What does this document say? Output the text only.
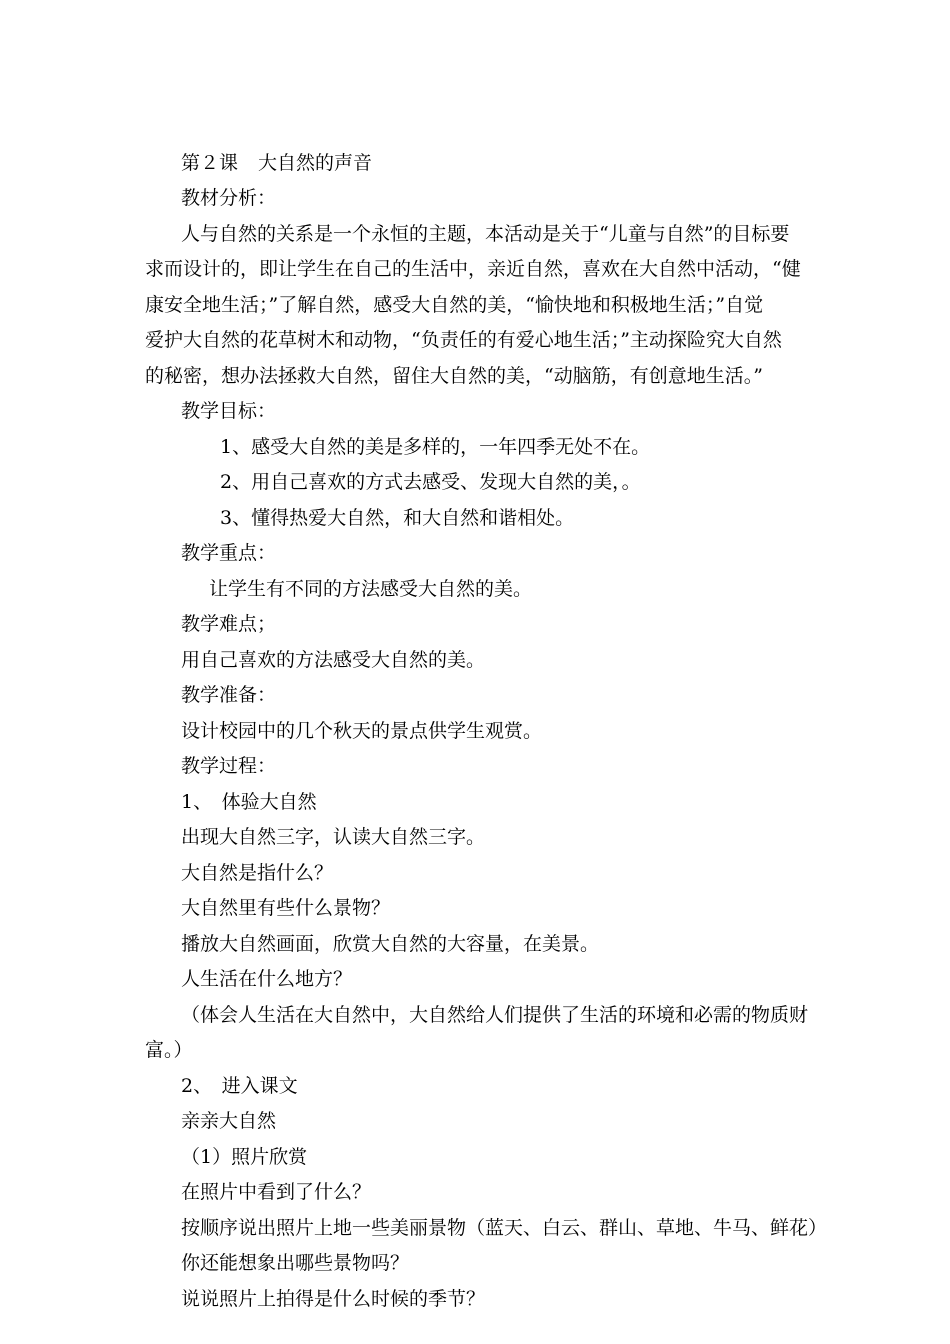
第２课 大自然的声音
教材分析：
人与自然的关系是一个永恒的主题，本活动是关于“儿童与自然”的目标要
求而设计的，即让学生在自己的生活中，亲近自然，喜欢在大自然中活动，“健
康安全地生活；”了解自然，感受大自然的美，“愉快地和积极地生活；”自觉
爱护大自然的花草树木和动物，“负责任的有爱心地生活；”主动探险究大自然
的秘密，想办法拯救大自然，留住大自然的美，“动脑筋，有创意地生活。”
教学目标：
1、感受大自然的美是多样的，一年四季无处不在。
2、用自己喜欢的方式去感受、发现大自然的美，。
3、懂得热爱大自然，和大自然和谐相处。
教学重点：
让学生有不同的方法感受大自然的美。
教学难点；
用自己喜欢的方法感受大自然的美。
教学准备：
设计校园中的几个秋天的景点供学生观赏。
教学过程：
1、　体验大自然
出现大自然三字，认读大自然三字。
大自然是指什么？
大自然里有些什么景物？
播放大自然画面，欣赏大自然的大容量，在美景。
人生活在什么地方？
（体会人生活在大自然中，大自然给人们提供了生活的环境和必需的物质财
富。）
2、　进入课文
亲亲大自然
（1）照片欣赏
在照片中看到了什么？
按顺序说出照片上地一些美丽景物（蓝天、白云、群山、草地、牛马、鲜花）
你还能想象出哪些景物吗？
说说照片上拍得是什么时候的季节？
